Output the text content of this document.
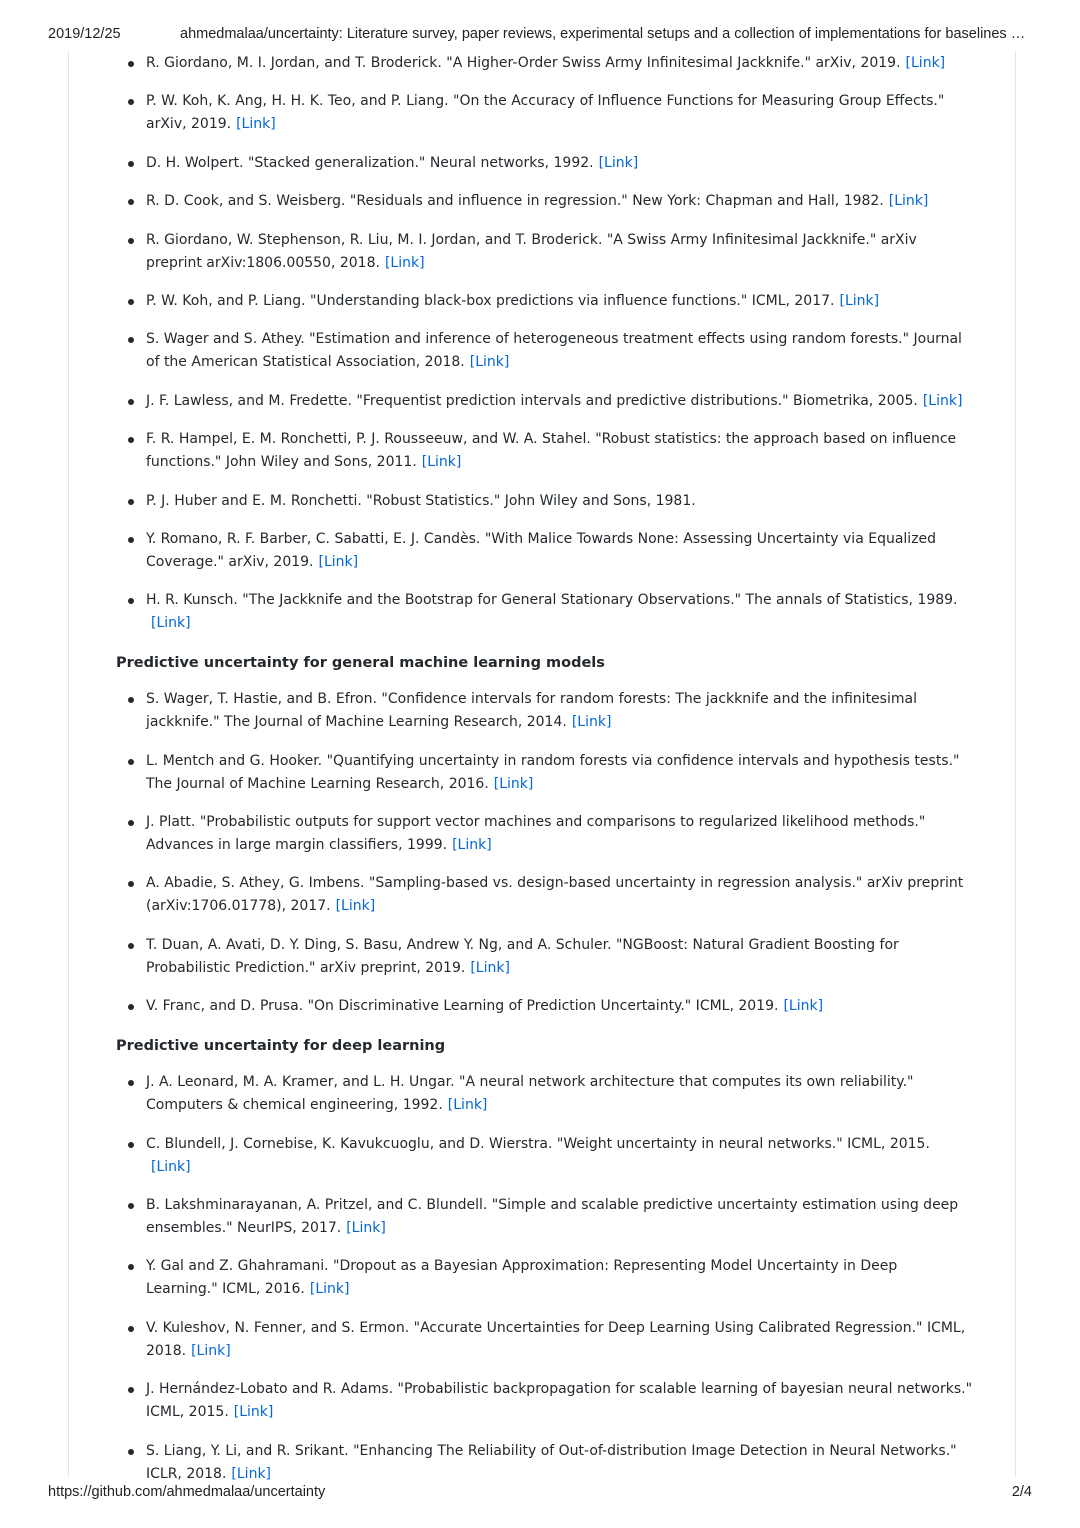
2019/12/25	ahmedmalaa/uncertainty: Literature survey, paper reviews, experimental setups and a collection of implementations for baselines …
R. Giordano, M. I. Jordan, and T. Broderick. "A Higher-Order Swiss Army Infinitesimal Jackknife." arXiv, 2019. [Link]
P. W. Koh, K. Ang, H. H. K. Teo, and P. Liang. "On the Accuracy of Influence Functions for Measuring Group Effects." arXiv, 2019. [Link]
D. H. Wolpert. "Stacked generalization." Neural networks, 1992. [Link]
R. D. Cook, and S. Weisberg. "Residuals and influence in regression." New York: Chapman and Hall, 1982. [Link]
R. Giordano, W. Stephenson, R. Liu, M. I. Jordan, and T. Broderick. "A Swiss Army Infinitesimal Jackknife." arXiv preprint arXiv:1806.00550, 2018. [Link]
P. W. Koh, and P. Liang. "Understanding black-box predictions via influence functions." ICML, 2017. [Link]
S. Wager and S. Athey. "Estimation and inference of heterogeneous treatment effects using random forests." Journal of the American Statistical Association, 2018. [Link]
J. F. Lawless, and M. Fredette. "Frequentist prediction intervals and predictive distributions." Biometrika, 2005. [Link]
F. R. Hampel, E. M. Ronchetti, P. J. Rousseeuw, and W. A. Stahel. "Robust statistics: the approach based on influence functions." John Wiley and Sons, 2011. [Link]
P. J. Huber and E. M. Ronchetti. "Robust Statistics." John Wiley and Sons, 1981.
Y. Romano, R. F. Barber, C. Sabatti, E. J. Candès. "With Malice Towards None: Assessing Uncertainty via Equalized Coverage." arXiv, 2019. [Link]
H. R. Kunsch. "The Jackknife and the Bootstrap for General Stationary Observations." The annals of Statistics, 1989.[Link]
Predictive uncertainty for general machine learning models
S. Wager, T. Hastie, and B. Efron. "Confidence intervals for random forests: The jackknife and the infinitesimal jackknife." The Journal of Machine Learning Research, 2014. [Link]
L. Mentch and G. Hooker. "Quantifying uncertainty in random forests via confidence intervals and hypothesis tests." The Journal of Machine Learning Research, 2016. [Link]
J. Platt. "Probabilistic outputs for support vector machines and comparisons to regularized likelihood methods." Advances in large margin classifiers, 1999. [Link]
A. Abadie, S. Athey, G. Imbens. "Sampling-based vs. design-based uncertainty in regression analysis." arXiv preprint (arXiv:1706.01778), 2017. [Link]
T. Duan, A. Avati, D. Y. Ding, S. Basu, Andrew Y. Ng, and A. Schuler. "NGBoost: Natural Gradient Boosting for Probabilistic Prediction." arXiv preprint, 2019. [Link]
V. Franc, and D. Prusa. "On Discriminative Learning of Prediction Uncertainty." ICML, 2019. [Link]
Predictive uncertainty for deep learning
J. A. Leonard, M. A. Kramer, and L. H. Ungar. "A neural network architecture that computes its own reliability." Computers & chemical engineering, 1992. [Link]
C. Blundell, J. Cornebise, K. Kavukcuoglu, and D. Wierstra. "Weight uncertainty in neural networks." ICML, 2015.[Link]
B. Lakshminarayanan, A. Pritzel, and C. Blundell. "Simple and scalable predictive uncertainty estimation using deep ensembles." NeurIPS, 2017. [Link]
Y. Gal and Z. Ghahramani. "Dropout as a Bayesian Approximation: Representing Model Uncertainty in Deep Learning." ICML, 2016. [Link]
V. Kuleshov, N. Fenner, and S. Ermon. "Accurate Uncertainties for Deep Learning Using Calibrated Regression." ICML, 2018. [Link]
J. Hernández-Lobato and R. Adams. "Probabilistic backpropagation for scalable learning of bayesian neural networks." ICML, 2015. [Link]
S. Liang, Y. Li, and R. Srikant. "Enhancing The Reliability of Out-of-distribution Image Detection in Neural Networks." ICLR, 2018. [Link]
https://github.com/ahmedmalaa/uncertainty	2/4
